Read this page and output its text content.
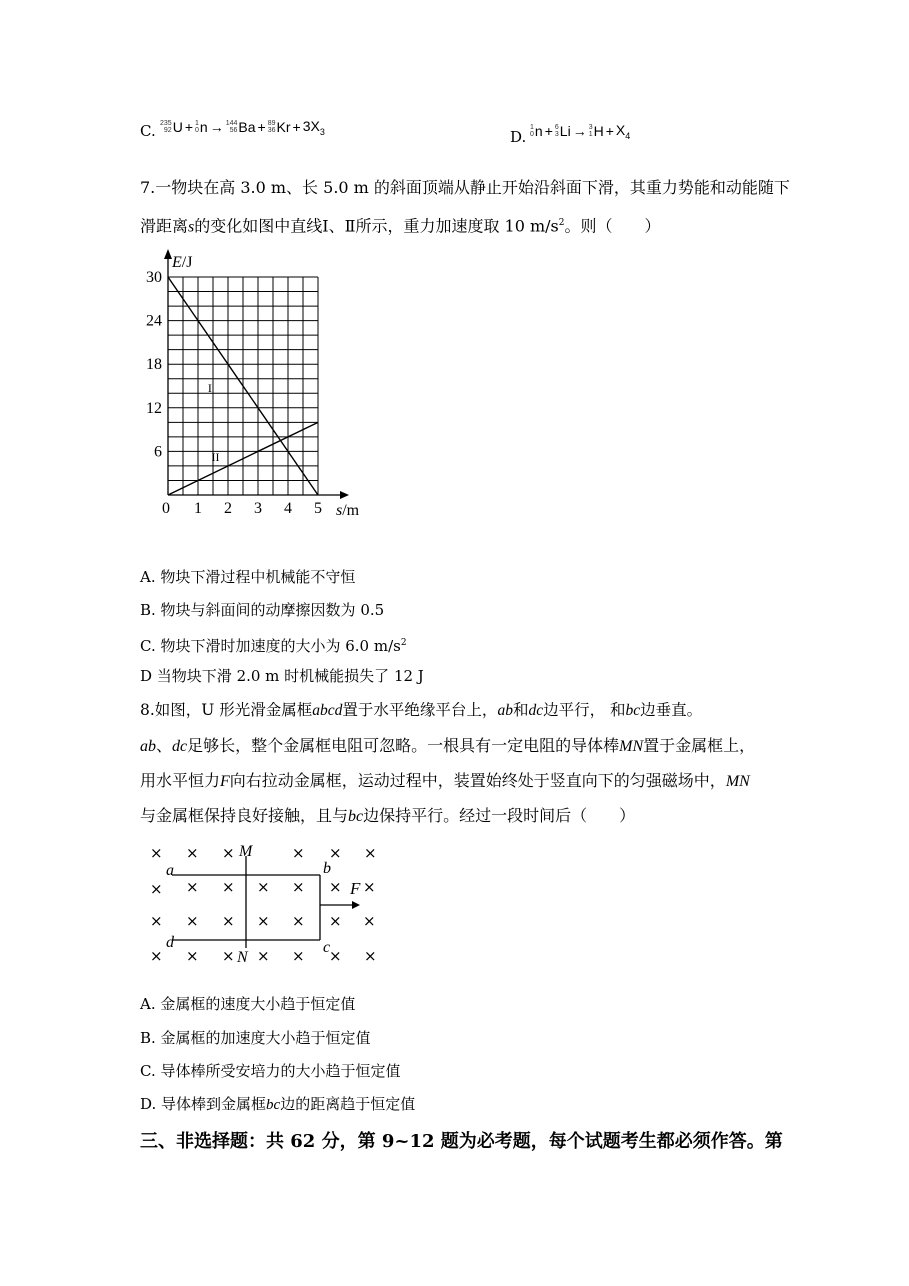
C. 235
92 U + 1
0 n → 144
56 Ba + 89
36 $Kr + 3X_3$	D.
1
0 n + 6
3 Li → 3
1 $H + X_4$
7.一物块在高 3.0 m、长 5.0 m 的斜面顶端从静止开始沿斜面下滑，其重力势能和动能随下
滑距离s的变化如图中直线Ⅰ、Ⅱ所示，重力加速度取 10 $m/s^2$。则（　　）
I
II
0 1 2 3 4 5
6
12
18
24
30
E/J
s/m
A. 物块下滑过程中机械能不守恒
B. 物块与斜面间的动摩擦因数为 0.5
C. 物块下滑时加速度的大小为 6.0 $m/s^2$
D 当物块下滑 2.0 m 时机械能损失了 12 J
8.如图，U 形光滑金属框abcd置于水平绝缘平台上，ab和dc边平行， 和bc边垂直。
ab、dc足够长，整个金属框电阻可忽略。一根具有一定电阻的导体棒MN置于金属框上，
用水平恒力F向右拉动金属框，运动过程中，装置始终处于竖直向下的匀强磁场中，MN
与金属框保持良好接触，且与bc边保持平行。经过一段时间后（　　）
× × ×	× × ×
× × × × × ×
× × × × × × ×
× × × × × × ×
×
a	b
c
d
M
N
F
A. 金属框的速度大小趋于恒定值
B. 金属框的加速度大小趋于恒定值
C. 导体棒所受安培力的大小趋于恒定值
D. 导体棒到金属框bc边的距离趋于恒定值
三、非选择题：共 62 分，第 9~12 题为必考题，每个试题考生都必须作答。第
